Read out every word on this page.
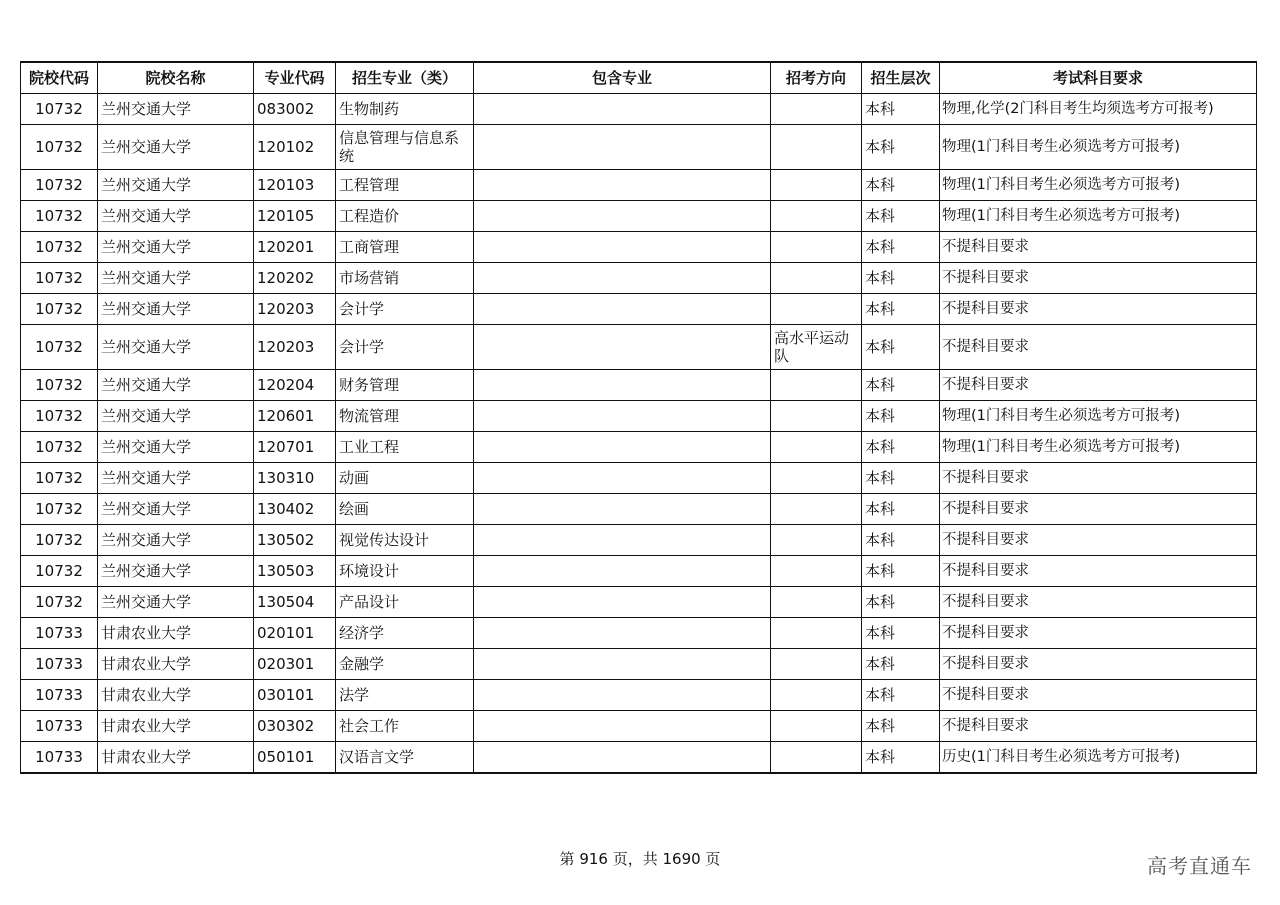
院校代码	院校名称	专业代码	招生专业（类）	包含专业	招考方向	招生层次	考试科目要求
10732	兰州交通大学	083002	生物制药			本科	物理,化学(2门科目考生均须选考方可报考)
10732	兰州交通大学	120102	信息管理与信息系统			本科	物理(1门科目考生必须选考方可报考)
10732	兰州交通大学	120103	工程管理			本科	物理(1门科目考生必须选考方可报考)
10732	兰州交通大学	120105	工程造价			本科	物理(1门科目考生必须选考方可报考)
10732	兰州交通大学	120201	工商管理			本科	不提科目要求
10732	兰州交通大学	120202	市场营销			本科	不提科目要求
10732	兰州交通大学	120203	会计学			本科	不提科目要求
10732	兰州交通大学	120203	会计学		高水平运动队	本科	不提科目要求
10732	兰州交通大学	120204	财务管理			本科	不提科目要求
10732	兰州交通大学	120601	物流管理			本科	物理(1门科目考生必须选考方可报考)
10732	兰州交通大学	120701	工业工程			本科	物理(1门科目考生必须选考方可报考)
10732	兰州交通大学	130310	动画			本科	不提科目要求
10732	兰州交通大学	130402	绘画			本科	不提科目要求
10732	兰州交通大学	130502	视觉传达设计			本科	不提科目要求
10732	兰州交通大学	130503	环境设计			本科	不提科目要求
10732	兰州交通大学	130504	产品设计			本科	不提科目要求
10733	甘肃农业大学	020101	经济学			本科	不提科目要求
10733	甘肃农业大学	020301	金融学			本科	不提科目要求
10733	甘肃农业大学	030101	法学			本科	不提科目要求
10733	甘肃农业大学	030302	社会工作			本科	不提科目要求
10733	甘肃农业大学	050101	汉语言文学			本科	历史(1门科目考生必须选考方可报考)
第 916 页，共 1690 页	高考直通车
